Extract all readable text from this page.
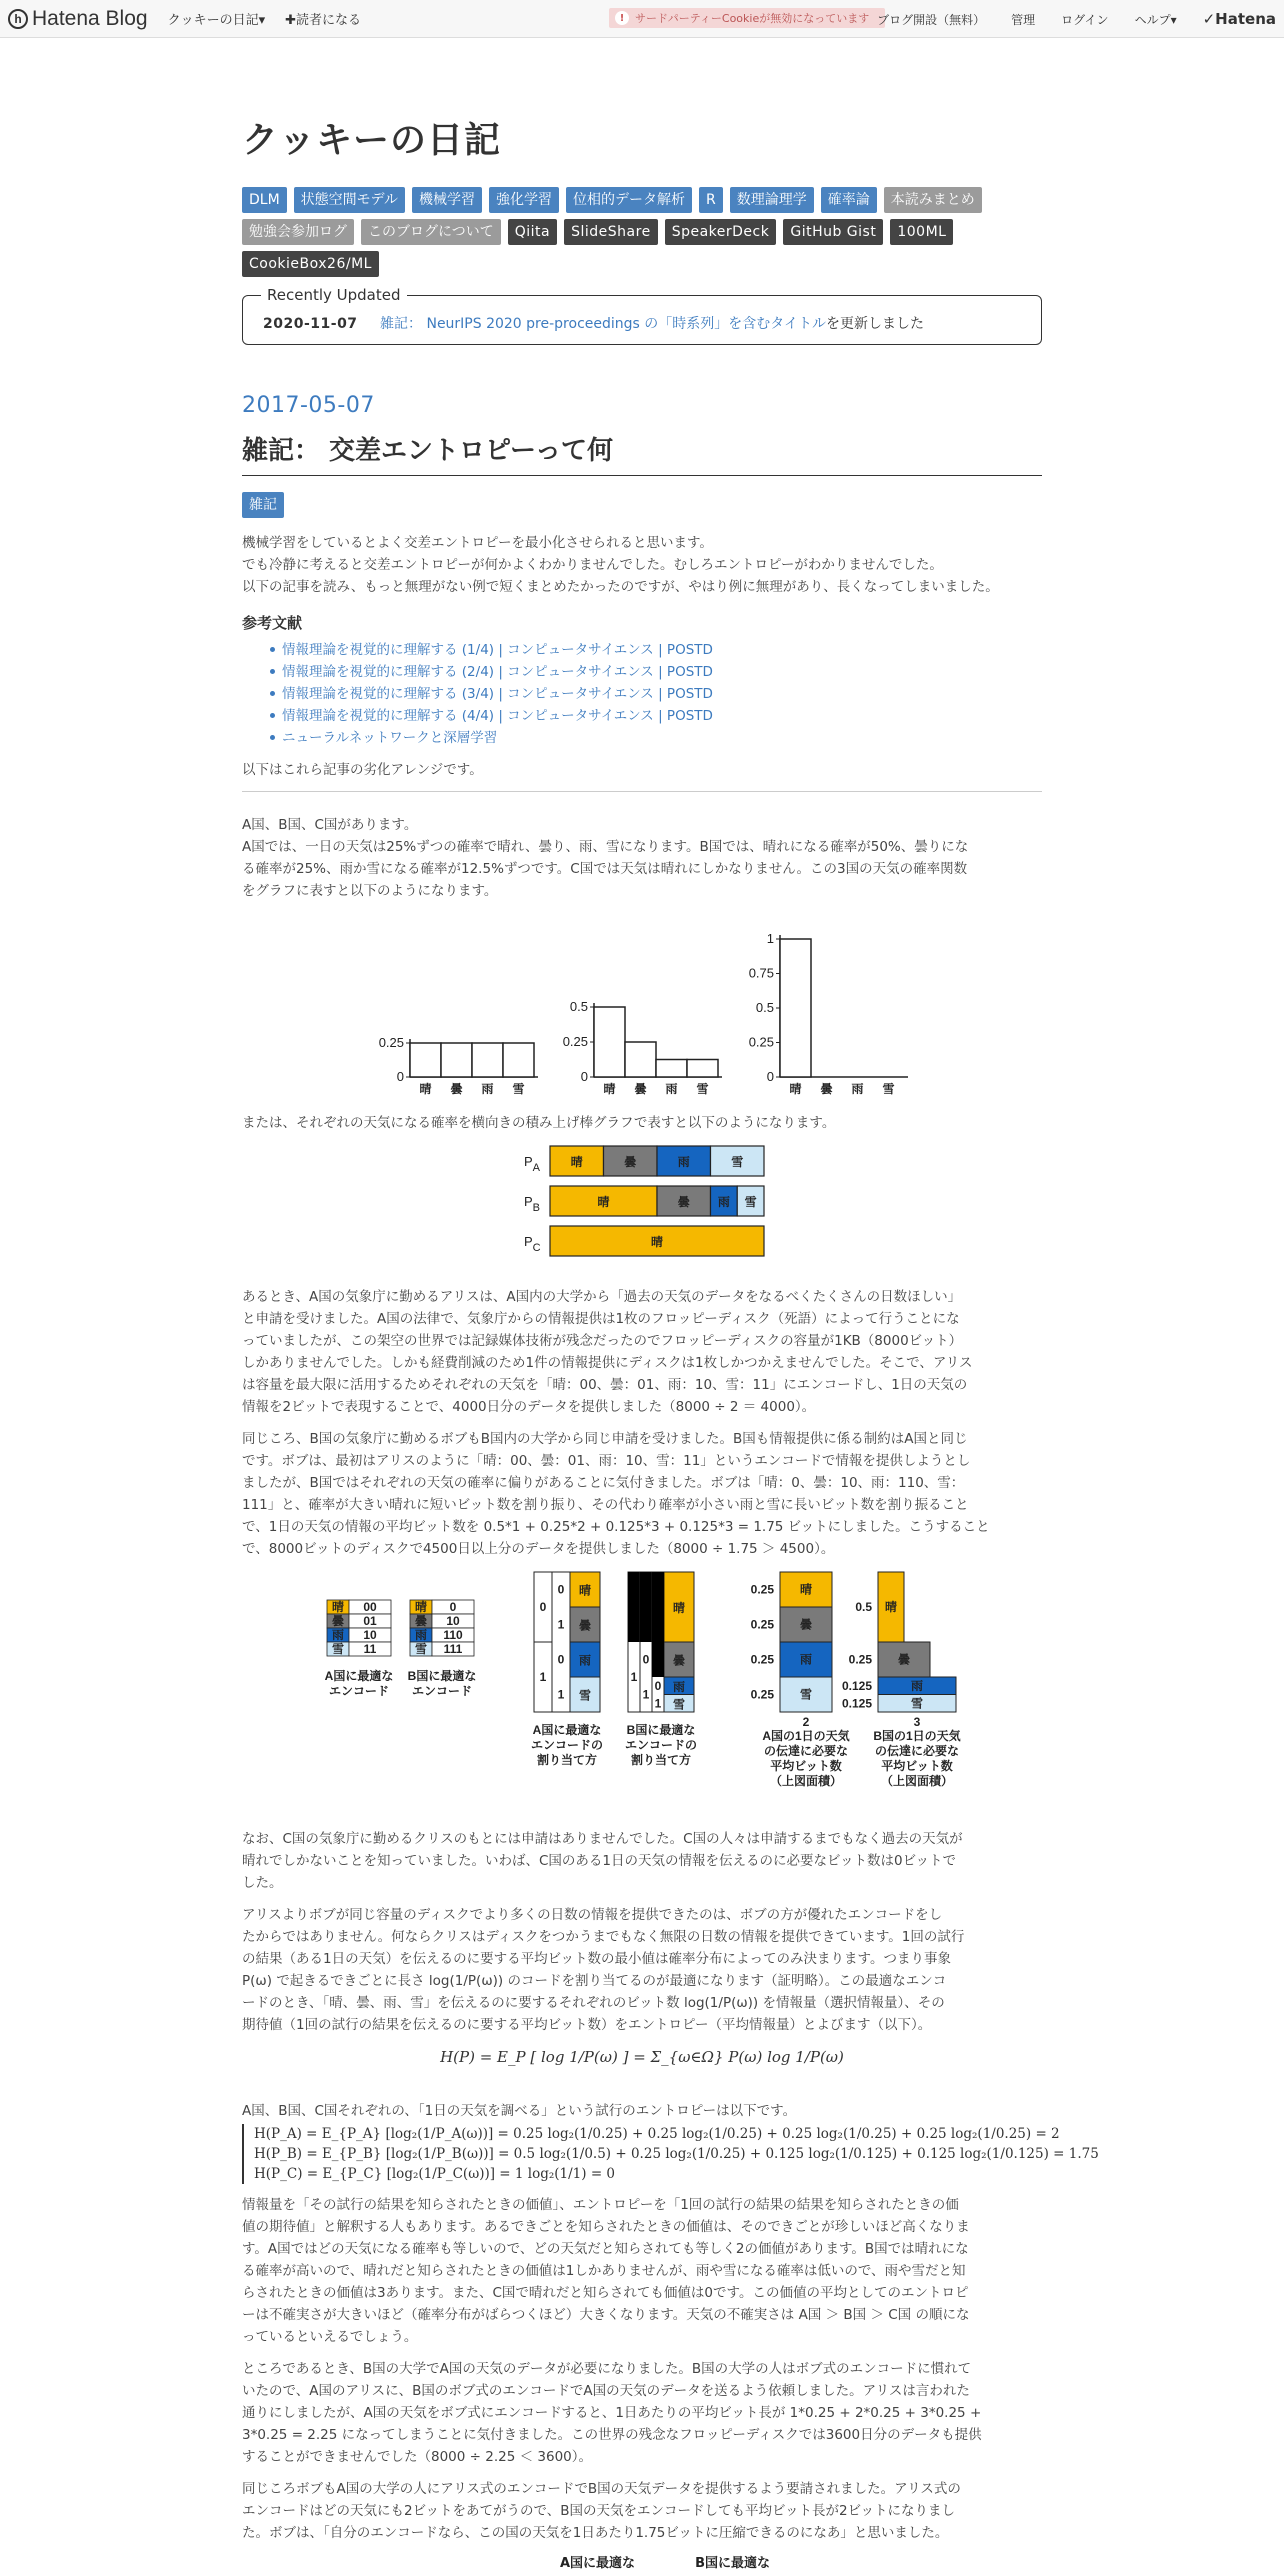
h Hatena Blog クッキーの日記▾ ✚読者になる	! サードパーティーCookieが無効になっています ブログ開設（無料） 管理 ログイン ヘルプ▾ ✓Hatena
クッキーの日記
DLM	状態空間モデル	機械学習	強化学習	位相的データ解析	R	数理論理学	確率論	本読みまとめ
勉強会参加ログ	このブログについて	Qiita	SlideShare	SpeakerDeck	GitHub Gist	100ML
CookieBox26/ML
Recently Updated
2020-11-07 雑記： NeurIPS 2020 pre-proceedings の「時系列」を含むタイトルを更新しました
2017-05-07
雑記： 交差エントロピーって何
雑記

機械学習をしているとよく交差エントロピーを最小化させられると思います。

でも冷静に考えると交差エントロピーが何かよくわかりませんでした。むしろエントロピーがわかりませんでした。

以下の記事を読み、もっと無理がない例で短くまとめたかったのですが、やはり例に無理があり、長くなってしまいました。

参考文献
情報理論を視覚的に理解する (1/4) | コンピュータサイエンス | POSTD
情報理論を視覚的に理解する (2/4) | コンピュータサイエンス | POSTD
情報理論を視覚的に理解する (3/4) | コンピュータサイエンス | POSTD
情報理論を視覚的に理解する (4/4) | コンピュータサイエンス | POSTD
ニューラルネットワークと深層学習
以下はこれら記事の劣化アレンジです。

A国、B国、C国があります。

A国では、一日の天気は25%ずつの確率で晴れ、曇り、雨、雪になります。B国では、晴れになる確率が50%、曇りにな

る確率が25%、雨か雪になる確率が12.5%ずつです。C国では天気は晴れにしかなりません。この3国の天気の確率関数

をグラフに表すと以下のようになります。

0
0.25
晴 曇 雨 雪
0
0.25
0.5
晴 曇 雨 雪
0
0.25
0.5
0.75
1
晴 曇 雨 雪
または、それぞれの天気になる確率を横向きの積み上げ棒グラフで表すと以下のようになります。
$P_A$	晴	曇	雨	雪
$P_B$	晴	曇 雨 雪
$P_C$	晴

あるとき、A国の気象庁に勤めるアリスは、A国内の大学から「過去の天気のデータをなるべくたくさんの日数ほしい」

と申請を受けました。A国の法律で、気象庁からの情報提供は1枚のフロッピーディスク（死語）によって行うことにな

っていましたが、この架空の世界では記録媒体技術が残念だったのでフロッピーディスクの容量が1KB（8000ビット）

しかありませんでした。しかも経費削減のため1件の情報提供にディスクは1枚しかつかえませんでした。そこで、アリス

は容量を最大限に活用するためそれぞれの天気を「晴：00、曇：01、雨：10、雪：11」にエンコードし、1日の天気の

情報を2ビットで表現することで、4000日分のデータを提供しました（8000 ÷ 2 ＝ 4000）。

同じころ、B国の気象庁に勤めるボブもB国内の大学から同じ申請を受けました。B国も情報提供に係る制約はA国と同じ

です。ボブは、最初はアリスのように「晴：00、曇：01、雨：10、雪：11」というエンコードで情報を提供しようとし

ましたが、B国ではそれぞれの天気の確率に偏りがあることに気付きました。ボブは「晴：0、曇：10、雨：110、雪：

111」と、確率が大きい晴れに短いビット数を割り振り、その代わり確率が小さい雨と雪に長いビット数を割り振ること

で、1日の天気の情報の平均ビット数を 0.5*1 + 0.25*2 + 0.125*3 + 0.125*3 = 1.75 ビットにしました。こうすること

で、8000ビットのディスクで4500日以上分のデータを提供しました（8000 ÷ 1.75 ＞ 4500）。

晴 00
曇 01
雨 10
雪 11
A国に最適な
エンコード
晴 0
曇 10
雨 110
雪 111
B国に最適な
エンコード
晴
曇
雨
雪
0
1
0
1
0
1
A国に最適な
エンコードの
割り当て方
晴
曇
雨
雪
1
0
1
0
1
B国に最適な
エンコードの
割り当て方
晴
0.25
曇
0.25
雨
0.25
雪
0.25
2
A国の1日の天気
の伝達に必要な
平均ビット数
（上図面積）
晴
0.5
曇
0.25
雨
0.125
雪
0.125
3
B国の1日の天気
の伝達に必要な
平均ビット数
（上図面積）

なお、C国の気象庁に勤めるクリスのもとには申請はありませんでした。C国の人々は申請するまでもなく過去の天気が

晴れでしかないことを知っていました。いわば、C国のある1日の天気の情報を伝えるのに必要なビット数は0ビットで

した。

アリスよりボブが同じ容量のディスクでより多くの日数の情報を提供できたのは、ボブの方が優れたエンコードをし

たからではありません。何ならクリスはディスクをつかうまでもなく無限の日数の情報を提供できています。1回の試行

の結果（ある1日の天気）を伝えるのに要する平均ビット数の最小値は確率分布によってのみ決まります。つまり事象

P(ω) で起きるできごとに長さ log(1/P(ω)) のコードを割り当てるのが最適になります（証明略）。この最適なエンコ

ードのとき、「晴、曇、雨、雪」を伝えるのに要するそれぞれのビット数 log(1/P(ω)) を情報量（選択情報量）、その

期待値（1回の試行の結果を伝えるのに要する平均ビット数）をエントロピー（平均情報量）とよびます（以下）。

H(P) = E_P [ log 1/P(ω) ] = Σ_{ω∈Ω} P(ω) log 1/P(ω)
A国、B国、C国それぞれの、「1日の天気を調べる」という試行のエントロピーは以下です。
H(P_A) = E_{P_A} [log₂(1/P_A(ω))] = 0.25 log₂(1/0.25) + 0.25 log₂(1/0.25) + 0.25 log₂(1/0.25) + 0.25 log₂(1/0.25) = 2
H(P_B) = E_{P_B} [log₂(1/P_B(ω))] = 0.5 log₂(1/0.5) + 0.25 log₂(1/0.25) + 0.125 log₂(1/0.125) + 0.125 log₂(1/0.125) = 1.75
H(P_C) = E_{P_C} [log₂(1/P_C(ω))] = 1 log₂(1/1) = 0

情報量を「その試行の結果を知らされたときの価値」、エントロピーを「1回の試行の結果の結果を知らされたときの価

値の期待値」と解釈する人もあります。あるできごとを知らされたときの価値は、そのできごとが珍しいほど高くなりま

す。A国ではどの天気になる確率も等しいので、どの天気だと知らされても等しく2の価値があります。B国では晴れにな

る確率が高いので、晴れだと知らされたときの価値は1しかありませんが、雨や雪になる確率は低いので、雨や雪だと知

らされたときの価値は3あります。また、C国で晴れだと知らされても価値は0です。この価値の平均としてのエントロピ

ーは不確実さが大きいほど（確率分布がばらつくほど）大きくなります。天気の不確実さは A国 ＞ B国 ＞ C国 の順にな

っているといえるでしょう。

ところであるとき、B国の大学でA国の天気のデータが必要になりました。B国の大学の人はボブ式のエンコードに慣れて

いたので、A国のアリスに、B国のボブ式のエンコードでA国の天気のデータを送るよう依頼しました。アリスは言われた

通りにしましたが、A国の天気をボブ式にエンコードすると、1日あたりの平均ビット長が 1*0.25 + 2*0.25 + 3*0.25 +

3*0.25 = 2.25 になってしまうことに気付きました。この世界の残念なフロッピーディスクでは3600日分のデータも提供

することができませんでした（8000 ÷ 2.25 ＜ 3600）。

同じころボブもA国の大学の人にアリス式のエンコードでB国の天気データを提供するよう要請されました。アリス式の

エンコードはどの天気にも2ビットをあてがうので、B国の天気をエンコードしても平均ビット長が2ビットになりまし

た。ボブは、「自分のエンコードなら、この国の天気を1日あたり1.75ビットに圧縮できるのになあ」と思いました。

A国に最適な	B国に最適な
